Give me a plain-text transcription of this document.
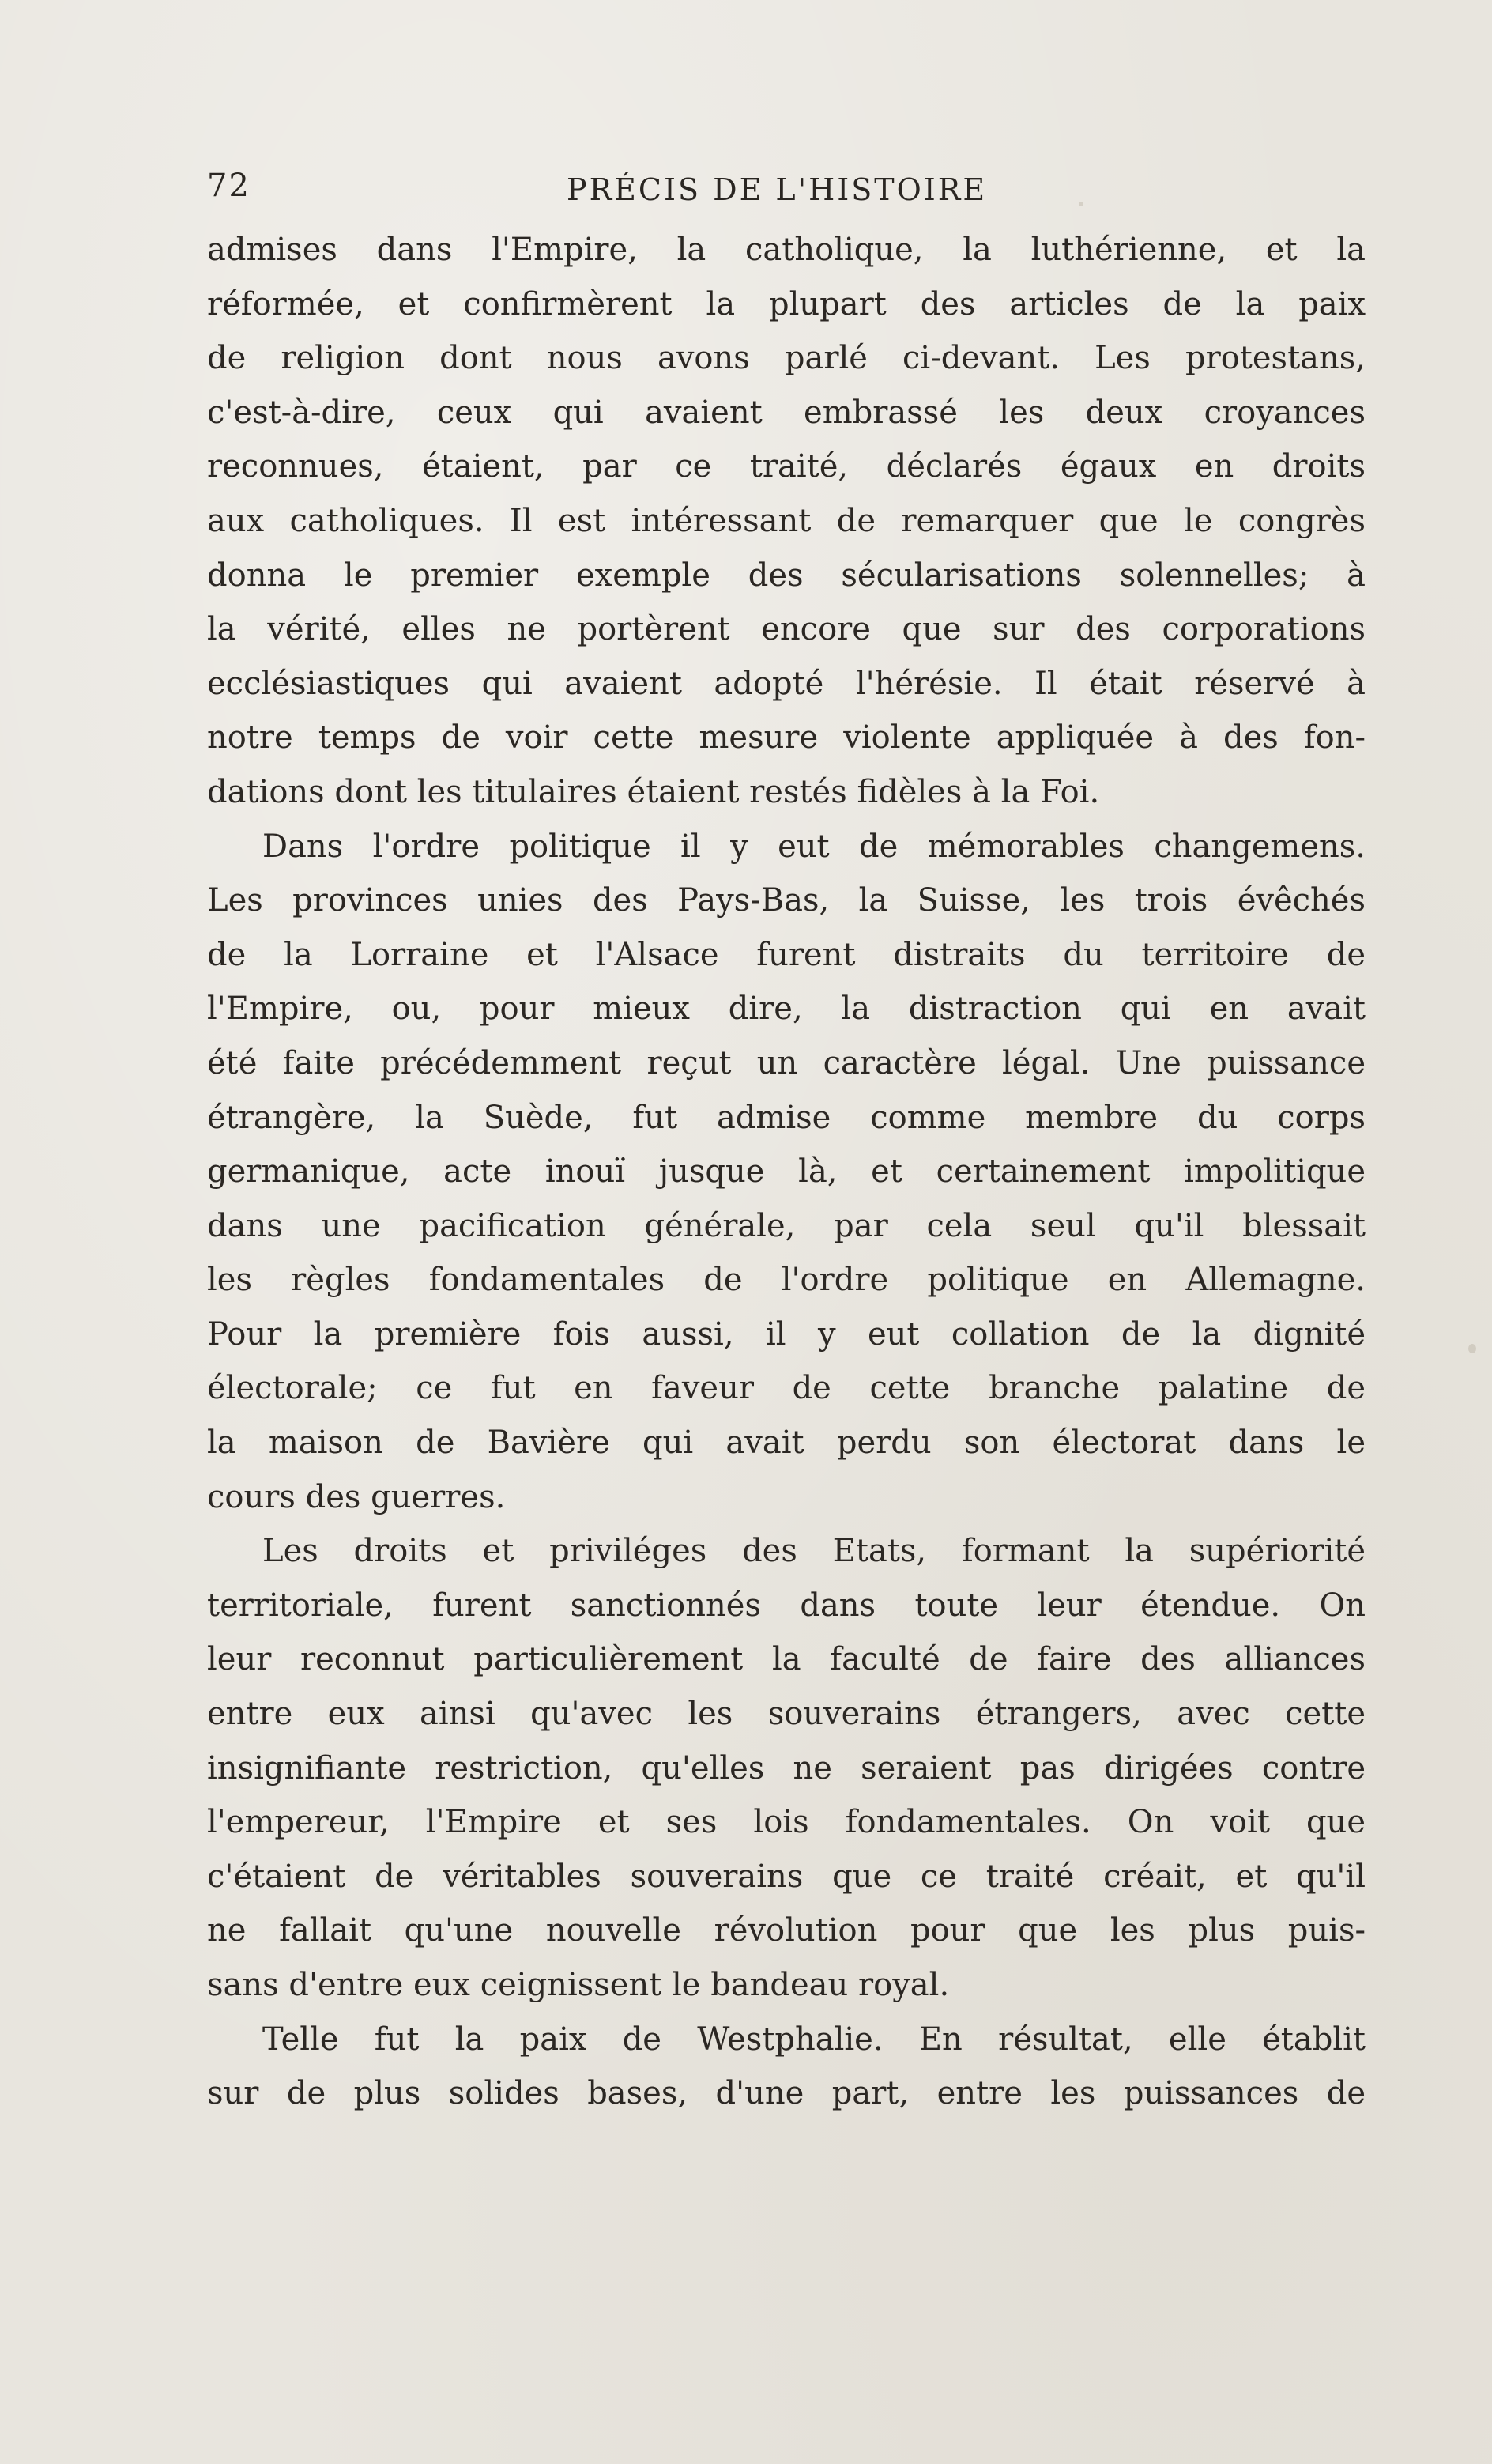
72	PRÉCIS DE L'HISTOIRE
admises dans l'Empire, la catholique, la luthérienne, et la
réformée, et confirmèrent la plupart des articles de la paix
de religion dont nous avons parlé ci-devant. Les protestans,
c'est-à-dire, ceux qui avaient embrassé les deux croyances
reconnues, étaient, par ce traité, déclarés égaux en droits
aux catholiques. Il est intéressant de remarquer que le congrès
donna le premier exemple des sécularisations solennelles; à
la vérité, elles ne portèrent encore que sur des corporations
ecclésiastiques qui avaient adopté l'hérésie. Il était réservé à
notre temps de voir cette mesure violente appliquée à des fon-
dations dont les titulaires étaient restés fidèles à la Foi.
Dans l'ordre politique il y eut de mémorables changemens.
Les provinces unies des Pays-Bas, la Suisse, les trois évêchés
de la Lorraine et l'Alsace furent distraits du territoire de
l'Empire, ou, pour mieux dire, la distraction qui en avait
été faite précédemment reçut un caractère légal. Une puissance
étrangère, la Suède, fut admise comme membre du corps
germanique, acte inouï jusque là, et certainement impolitique
dans une pacification générale, par cela seul qu'il blessait
les règles fondamentales de l'ordre politique en Allemagne.
Pour la première fois aussi, il y eut collation de la dignité
électorale; ce fut en faveur de cette branche palatine de
la maison de Bavière qui avait perdu son électorat dans le
cours des guerres.
Les droits et priviléges des Etats, formant la supériorité
territoriale, furent sanctionnés dans toute leur étendue. On
leur reconnut particulièrement la faculté de faire des alliances
entre eux ainsi qu'avec les souverains étrangers, avec cette
insignifiante restriction, qu'elles ne seraient pas dirigées contre
l'empereur, l'Empire et ses lois fondamentales. On voit que
c'étaient de véritables souverains que ce traité créait, et qu'il
ne fallait qu'une nouvelle révolution pour que les plus puis-
sans d'entre eux ceignissent le bandeau royal.
Telle fut la paix de Westphalie. En résultat, elle établit
sur de plus solides bases, d'une part, entre les puissances de
